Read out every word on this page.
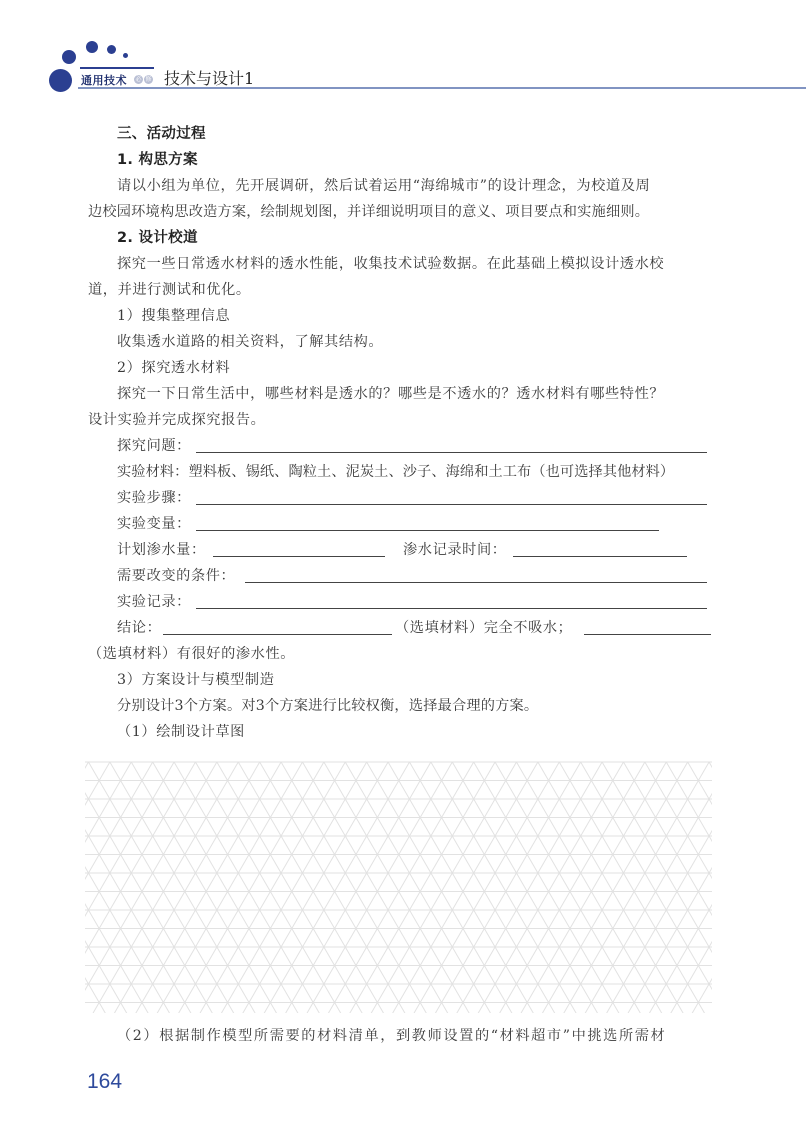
通用技术 必 修 技术与设计1
三、活动过程
1. 构思方案
请以小组为单位，先开展调研，然后试着运用“海绵城市”的设计理念，为校道及周
边校园环境构思改造方案，绘制规划图，并详细说明项目的意义、项目要点和实施细则。
2. 设计校道
探究一些日常透水材料的透水性能，收集技术试验数据。在此基础上模拟设计透水校
道，并进行测试和优化。
1）搜集整理信息
收集透水道路的相关资料，了解其结构。
2）探究透水材料
探究一下日常生活中，哪些材料是透水的？哪些是不透水的？透水材料有哪些特性？
设计实验并完成探究报告。
探究问题：
实验材料：塑料板、锡纸、陶粒土、泥炭土、沙子、海绵和土工布（也可选择其他材料）
实验步骤：
实验变量：
计划渗水量：	渗水记录时间：
需要改变的条件：
实验记录：
结论：	（选填材料）完全不吸水；
（选填材料）有很好的渗水性。
3）方案设计与模型制造
分别设计3个方案。对3个方案进行比较权衡，选择最合理的方案。
（1）绘制设计草图
（2）根据制作模型所需要的材料清单，到教师设置的“材料超市”中挑选所需材
164
